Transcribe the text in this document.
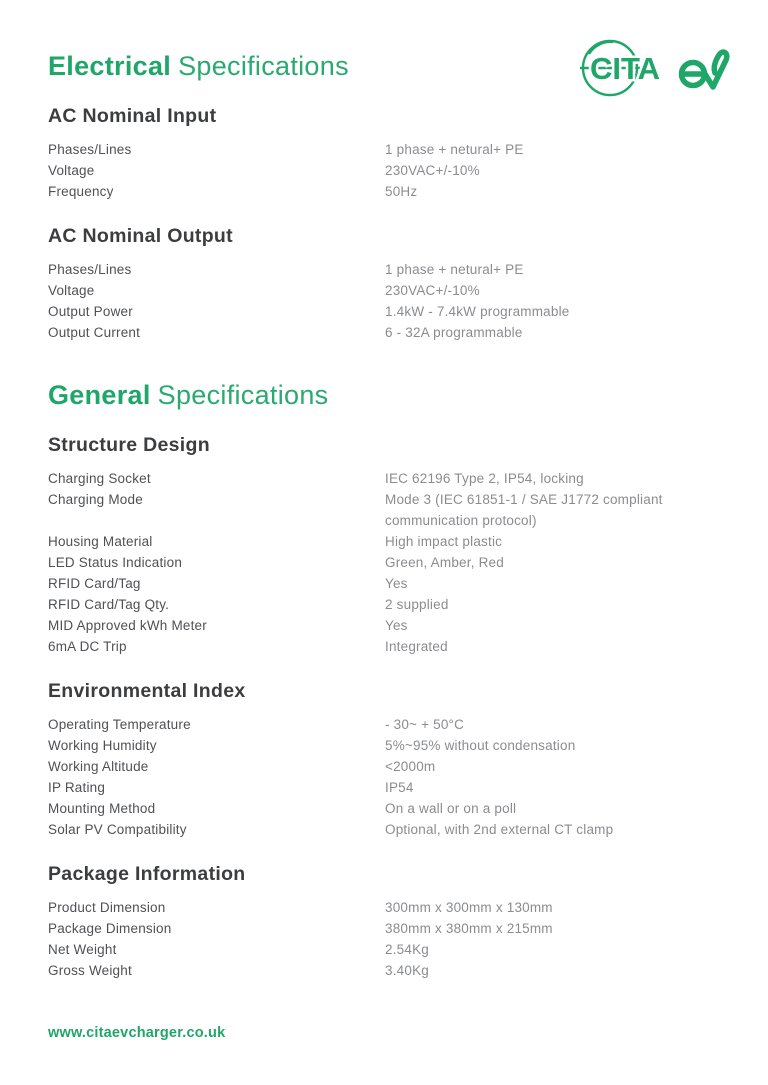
CITA
Electrical Specifications
AC Nominal Input
Phases/Lines	1 phase + netural+ PE
Voltage	230VAC+/-10%
Frequency	50Hz
AC Nominal Output
Phases/Lines	1 phase + netural+ PE
Voltage	230VAC+/-10%
Output Power	1.4kW - 7.4kW programmable
Output Current	6 - 32A programmable
General Specifications
Structure Design
Charging Socket	IEC 62196 Type 2, IP54, locking
Charging Mode	Mode 3 (IEC 61851-1 / SAE J1772 compliant communication protocol)
Housing Material	High impact plastic
LED Status Indication	Green, Amber, Red
RFID Card/Tag	Yes
RFID Card/Tag Qty.	2 supplied
MID Approved kWh Meter	Yes
6mA DC Trip	Integrated
Environmental Index
Operating Temperature	- 30~ + 50°C
Working Humidity	5%~95% without condensation
Working Altitude	<2000m
IP Rating	IP54
Mounting Method	On a wall or on a poll
Solar PV Compatibility	Optional, with 2nd external CT clamp
Package Information
Product Dimension	300mm x 300mm x 130mm
Package Dimension	380mm x 380mm x 215mm
Net Weight	2.54Kg
Gross Weight	3.40Kg
www.citaevcharger.co.uk
